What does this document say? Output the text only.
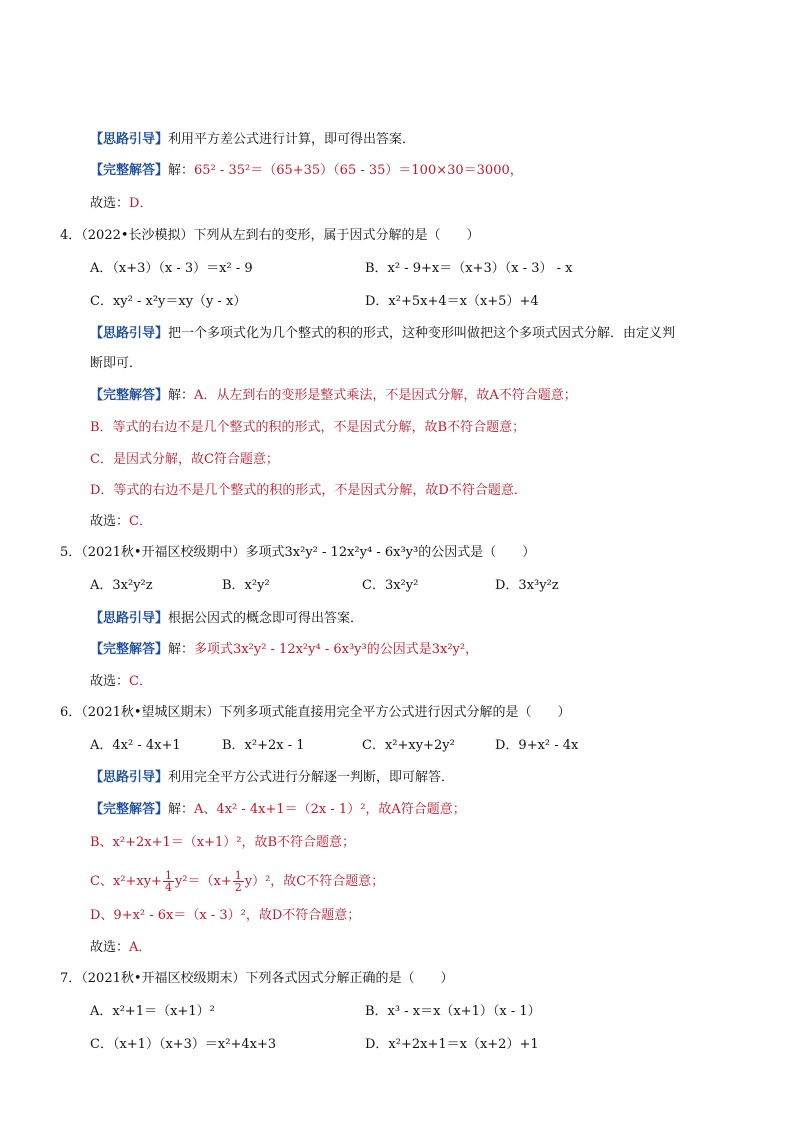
【思路引导】利用平方差公式进行计算，即可得出答案．
【完整解答】解：65² - 35²＝（65+35）（65 - 35）＝100×30＝3000，
故选：D．
4．（2022•长沙模拟）下列从左到右的变形，属于因式分解的是（　　）
A．（x+3）（x - 3）＝x² - 9	B．x² - 9+x＝（x+3）（x - 3） - x
C．xy² - x²y＝xy（y - x）	D．x²+5x+4＝x（x+5）+4
【思路引导】把一个多项式化为几个整式的积的形式，这种变形叫做把这个多项式因式分解．由定义判
断即可．
【完整解答】解：A．从左到右的变形是整式乘法，不是因式分解，故A不符合题意；
B．等式的右边不是几个整式的积的形式，不是因式分解，故B不符合题意；
C．是因式分解，故C符合题意；
D．等式的右边不是几个整式的积的形式，不是因式分解，故D不符合题意．
故选：C．
5．（2021秋•开福区校级期中）多项式3x²y² - 12x²y⁴ - 6x³y³的公因式是（　　）
A．3x²y²z	B．x²y²	C．3x²y²	D．3x³y²z
【思路引导】根据公因式的概念即可得出答案．
【完整解答】解：多项式3x²y² - 12x²y⁴ - 6x³y³的公因式是3x²y²，
故选：C．
6．（2021秋•望城区期末）下列多项式能直接用完全平方公式进行因式分解的是（　　）
A．4x² - 4x+1	B．x²+2x - 1	C．x²+xy+2y²	D．9+x² - 4x
【思路引导】利用完全平方公式进行分解逐一判断，即可解答．
【完整解答】解：A、4x² - 4x+1＝（2x - 1）²，故A符合题意；
B、x²+2x+1＝（x+1）²，故B不符合题意；
C、$x^2+xy+ \frac{1}{4} y^2=(x+ \frac{1}{2} y)^2$，故C不符合题意；
D、9+x² - 6x＝（x - 3）²，故D不符合题意；
故选：A．
7．（2021秋•开福区校级期末）下列各式因式分解正确的是（　　）
A．x²+1＝（x+1）²	B．x³ - x＝x（x+1）（x - 1）
C．（x+1）（x+3）＝x²+4x+3	D．x²+2x+1＝x（x+2）+1
